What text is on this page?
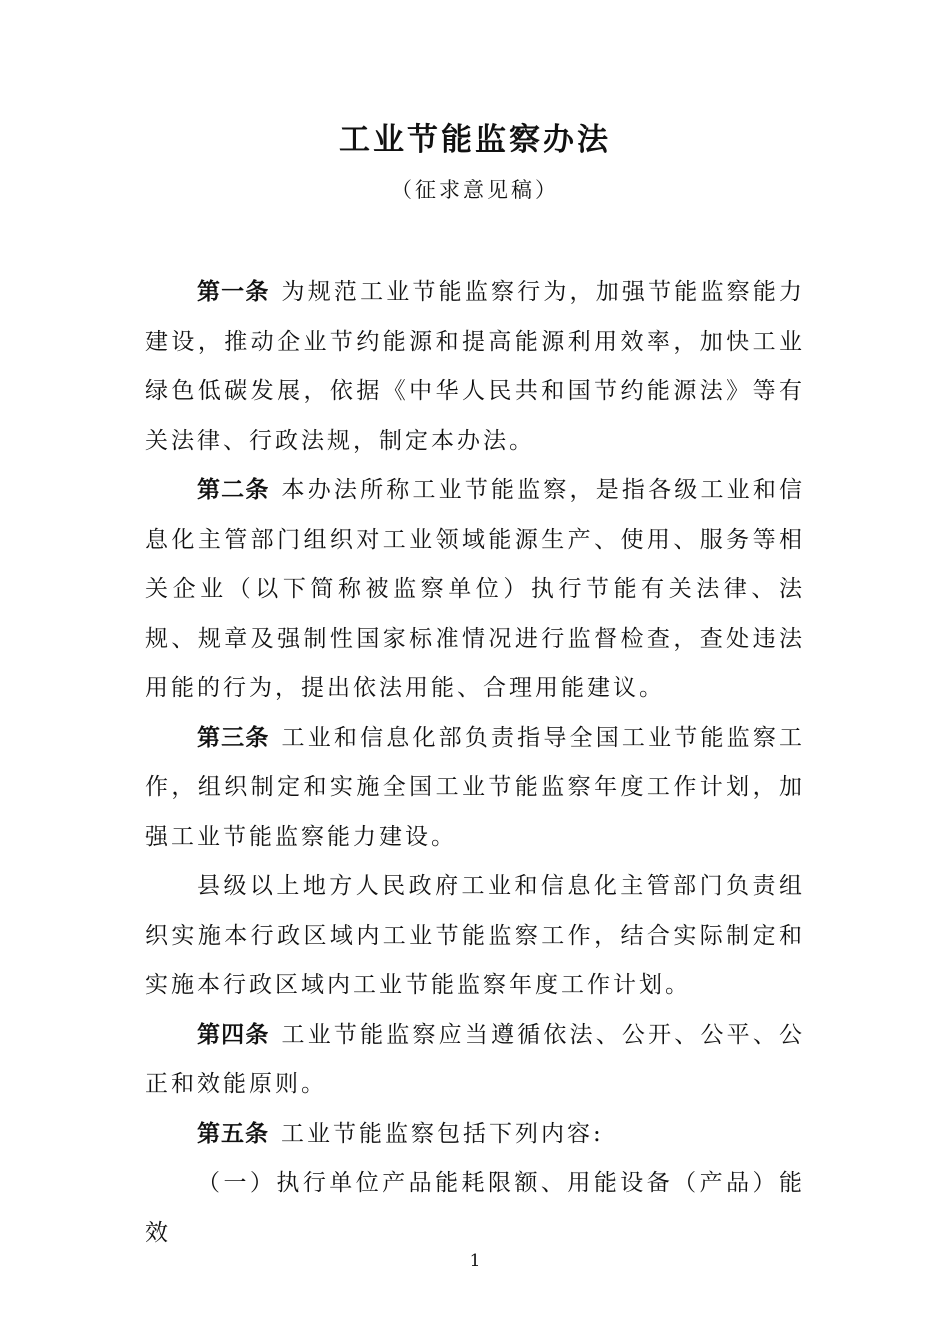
工业节能监察办法
（征求意见稿）

第一条 为规范工业节能监察行为，加强节能监察能力建设，推动企业节约能源和提高能源利用效率，加快工业绿色低碳发展，依据《中华人民共和国节约能源法》等有关法律、行政法规，制定本办法。

第二条 本办法所称工业节能监察，是指各级工业和信息化主管部门组织对工业领域能源生产、使用、服务等相关企业（以下简称被监察单位）执行节能有关法律、法规、规章及强制性国家标准情况进行监督检查，查处违法用能的行为，提出依法用能、合理用能建议。

第三条 工业和信息化部负责指导全国工业节能监察工作，组织制定和实施全国工业节能监察年度工作计划，加强工业节能监察能力建设。

县级以上地方人民政府工业和信息化主管部门负责组织实施本行政区域内工业节能监察工作，结合实际制定和实施本行政区域内工业节能监察年度工作计划。

第四条 工业节能监察应当遵循依法、公开、公平、公正和效能原则。

第五条 工业节能监察包括下列内容:

（一）执行单位产品能耗限额、用能设备（产品）能效

1
